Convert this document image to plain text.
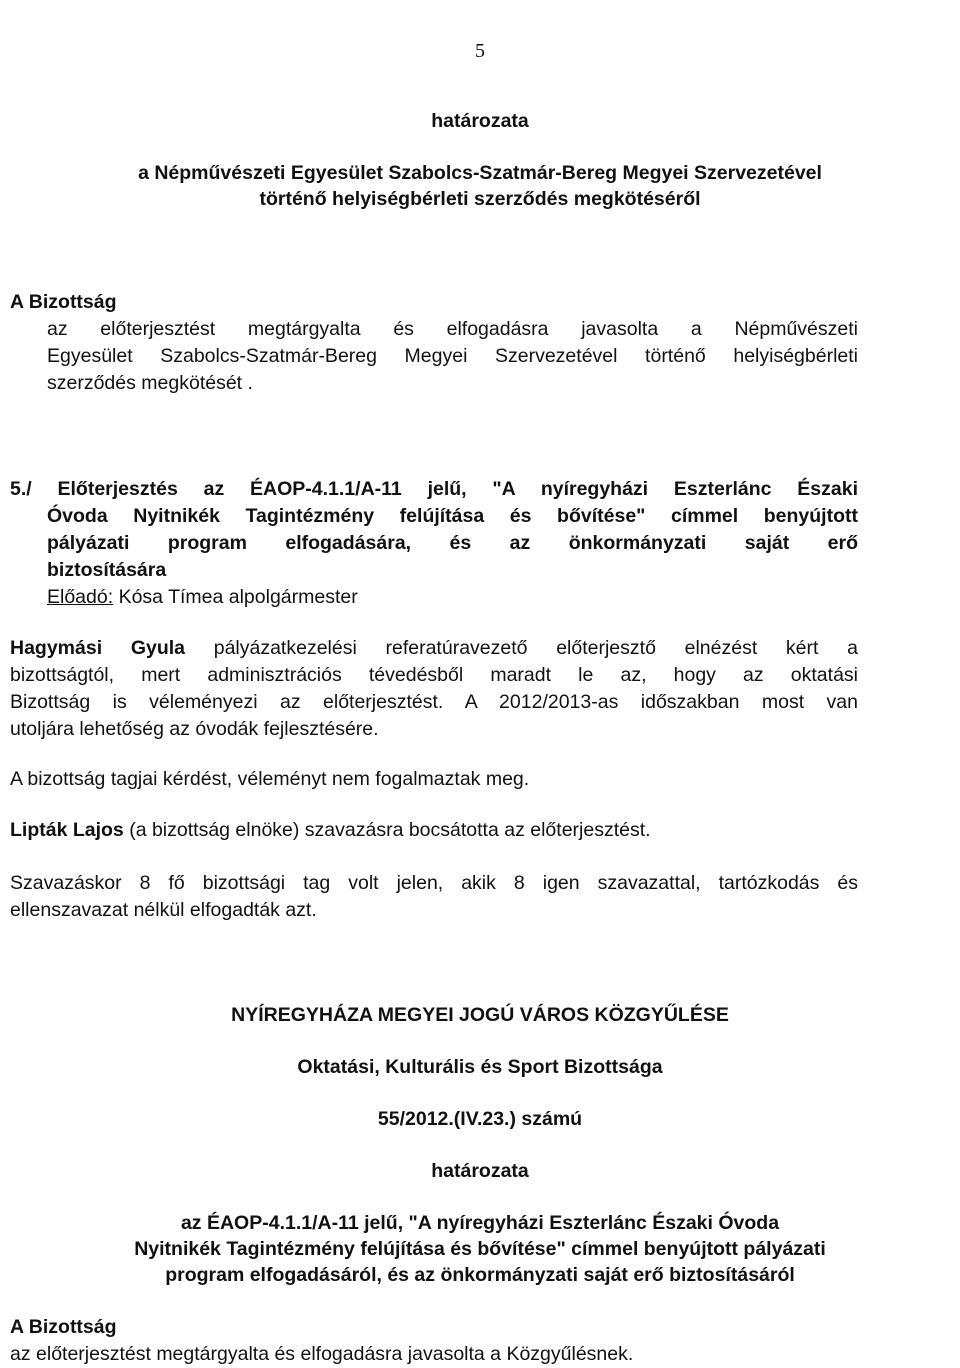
5
határozata
a Népművészeti Egyesület Szabolcs-Szatmár-Bereg Megyei Szervezetével
történő helyiségbérleti szerződés megkötéséről
A Bizottság
az előterjesztést megtárgyalta és elfogadásra javasolta a Népművészeti
Egyesület Szabolcs-Szatmár-Bereg Megyei Szervezetével történő helyiségbérleti
szerződés megkötését .
5./ Előterjesztés az ÉAOP-4.1.1/A-11 jelű, "A nyíregyházi Eszterlánc Északi
Óvoda Nyitnikék Tagintézmény felújítása és bővítése" címmel benyújtott
pályázati program elfogadására, és az önkormányzati saját erő
biztosítására
Előadó: Kósa Tímea alpolgármester
Hagymási Gyula pályázatkezelési referatúravezető előterjesztő elnézést kért a
bizottságtól, mert adminisztrációs tévedésből maradt le az, hogy az oktatási
Bizottság is véleményezi az előterjesztést. A 2012/2013-as időszakban most van
utoljára lehetőség az óvodák fejlesztésére.
A bizottság tagjai kérdést, véleményt nem fogalmaztak meg.
Lipták Lajos (a bizottság elnöke) szavazásra bocsátotta az előterjesztést.
Szavazáskor 8 fő bizottsági tag volt jelen, akik 8 igen szavazattal, tartózkodás és
ellenszavazat nélkül elfogadták azt.
NYÍREGYHÁZA MEGYEI JOGÚ VÁROS KÖZGYŰLÉSE
Oktatási, Kulturális és Sport Bizottsága
55/2012.(IV.23.) számú
határozata
az ÉAOP-4.1.1/A-11 jelű, "A nyíregyházi Eszterlánc Északi Óvoda
Nyitnikék Tagintézmény felújítása és bővítése" címmel benyújtott pályázati
program elfogadásáról, és az önkormányzati saját erő biztosításáról
A Bizottság
az előterjesztést megtárgyalta és elfogadásra javasolta a Közgyűlésnek.
